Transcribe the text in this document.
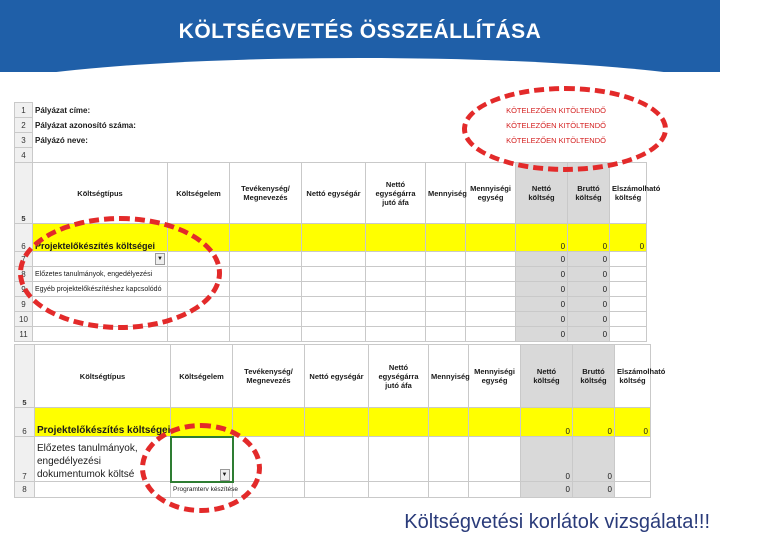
KÖLTSÉGVETÉS ÖSSZEÁLLÍTÁSA
1	Pályázat címe:						KÖTELEZŐEN KITÖLTENDŐ			
2	Pályázat azonosító száma:						KÖTELEZŐEN KITÖLTENDŐ			
3	Pályázó neve:						KÖTELEZŐEN KITÖLTENDŐ			
4										
5	Költségtípus	Költségelem	Tevékenység/ Megnevezés	Nettó egységár	Nettó egységárra jutó áfa	Mennyiség	Mennyiségi egység	Nettó költség	Bruttó költség	Elszámolható költség
6	Projektelőkészítés költségei							0	0	0
7	▼							0	0	
8	Előzetes tanulmányok, engedélyezési							0	0	
9	Egyéb projektelőkészítéshez kapcsolódó							0	0	
9								0	0	
10								0	0	
11								0	0	
5	Költségtípus	Költségelem	Tevékenység/ Megnevezés	Nettó egységár	Nettó egységárra jutó áfa	Mennyiség	Mennyiségi egység	Nettó költség	Bruttó költség	Elszámolható költség
6	Projektelőkészítés költségei							0	0	0
7	Előzetes tanulmányok, engedélyezési dokumentumok költsé	▼						0	0	
8		Programterv készítése						0	0	
Költségvetési korlátok vizsgálata!!!
